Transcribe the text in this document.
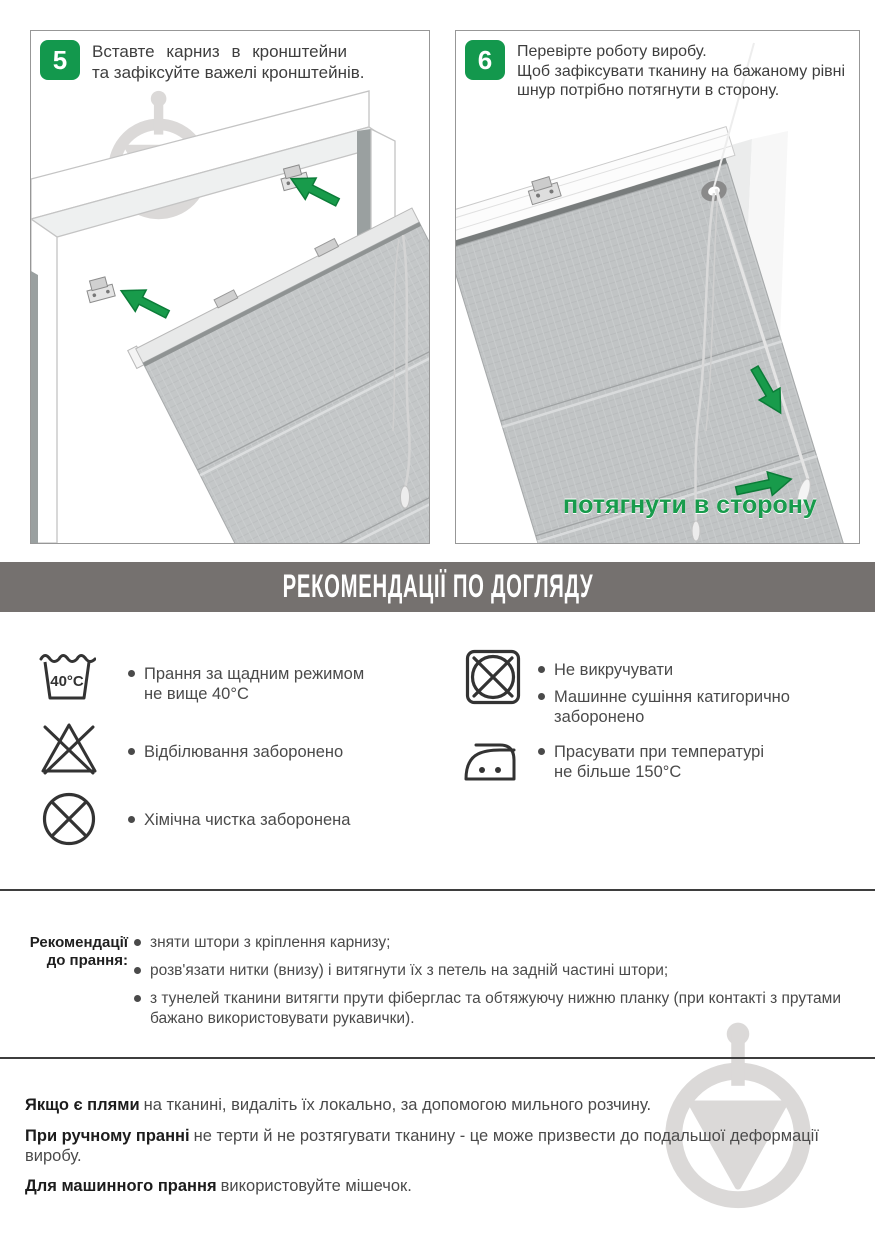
5	Вставте карниз в кронштейни
та зафіксуйте важелі кронштейнів.	6	Перевірте роботу виробу.
Щоб зафіксувати тканину на бажаному рівні
шнур потрібно потягнути в сторону.
потягнути в сторону
РЕКОМЕНДАЦІЇ ПО ДОГЛЯДУ
40°C	Прання за щадним режимом
не вище 40°С
Відбілювання заборонено
Хімічна чистка заборонена
Не викручувати
Машинне сушіння катигорично
заборонено
Прасувати при температурі
не більше 150°С
Рекомендації
до прання:
зняти штори з кріплення карнизу;
розв'язати нитки (внизу) і витягнути їх з петель на задній частині штори;
з тунелей тканини витягти прути фіберглас та обтяжуючу нижню планку (при контакті з прутами бажано використовувати рукавички).
Якщо є плями на тканині, видаліть їх локально, за допомогою мильного розчину.
При ручному пранні не терти й не розтягувати тканину - це може призвести до подальшої деформації виробу.
Для машинного прання використовуйте мішечок.
